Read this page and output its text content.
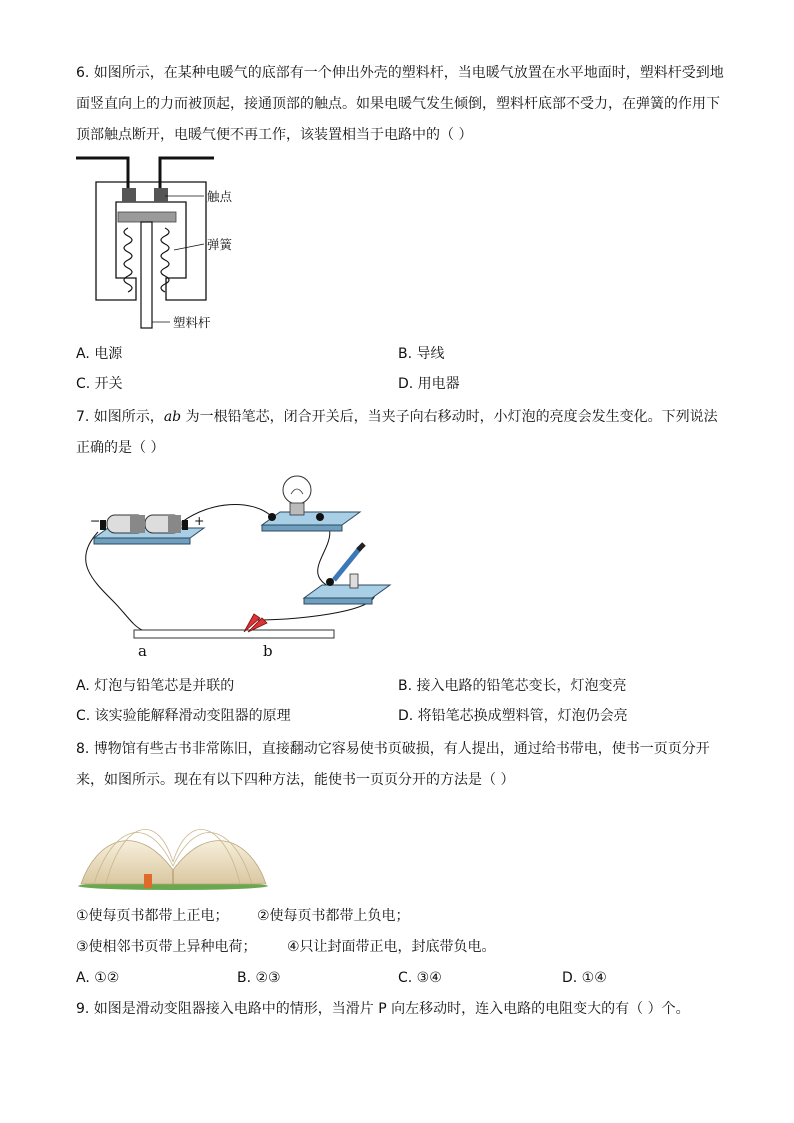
6. 如图所示，在某种电暖气的底部有一个伸出外壳的塑料杆，当电暖气放置在水平地面时，塑料杆受到地面竖直向上的力而被顶起，接通顶部的触点。如果电暖气发生倾倒，塑料杆底部不受力，在弹簧的作用下顶部触点断开，电暖气便不再工作，该装置相当于电路中的（ ）
触点
弹簧
塑料杆
A. 电源	B. 导线
C. 开关	D. 用电器
7. 如图所示，ab 为一根铅笔芯，闭合开关后，当夹子向右移动时，小灯泡的亮度会发生变化。下列说法正确的是（ ）
−	+
a	b
A. 灯泡与铅笔芯是并联的	B. 接入电路的铅笔芯变长，灯泡变亮
C. 该实验能解释滑动变阻器的原理	D. 将铅笔芯换成塑料管，灯泡仍会亮
8. 博物馆有些古书非常陈旧，直接翻动它容易使书页破损，有人提出，通过给书带电，使书一页页分开来，如图所示。现在有以下四种方法，能使书一页页分开的方法是（ ）
①使每页书都带上正电； ②使每页书都带上负电；
③使相邻书页带上异种电荷； ④只让封面带正电，封底带负电。
A. ①②	B. ②③	C. ③④	D. ①④
9. 如图是滑动变阻器接入电路中的情形，当滑片 P 向左移动时，连入电路的电阻变大的有（ ）个。
